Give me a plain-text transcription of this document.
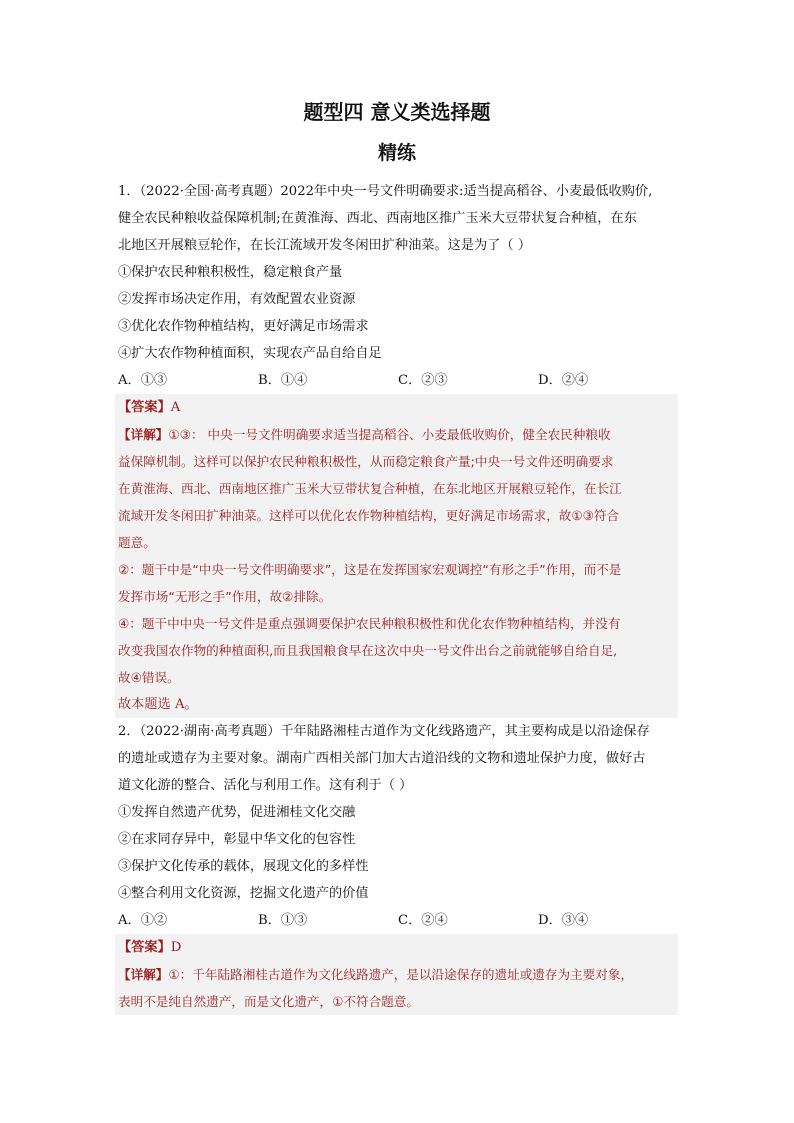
题型四 意义类选择题
精练
1．（2022·全国·高考真题）2022年中央一号文件明确要求:适当提高稻谷、小麦最低收购价,
健全农民种粮收益保障机制;在黄淮海、西北、西南地区推广玉米大豆带状复合种植，在东
北地区开展粮豆轮作，在长江流域开发冬闲田扩种油菜。这是为了（ ）
①保护农民种粮积极性，稳定粮食产量
②发挥市场决定作用，有效配置农业资源
③优化农作物种植结构，更好满足市场需求
④扩大农作物种植面积，实现农产品自给自足
A．①③	B．①④	C．②③	D．②④
【答案】A
【详解】①③： 中央一号文件明确要求适当提高稻谷、小麦最低收购价，健全农民种粮收
益保障机制。这样可以保护农民种粮积极性，从而稳定粮食产量;中央一号文件还明确要求
在黄淮海、西北、西南地区推广玉米大豆带状复合种植，在东北地区开展粮豆轮作，在长江
流域开发冬闲田扩种油菜。这样可以优化农作物种植结构，更好满足市场需求，故①③符合
题意。
②：题干中是“中央一号文件明确要求”，这是在发挥国家宏观调控“有形之手”作用，而不是
发挥市场“无形之手”作用，故②排除。
④：题干中中央一号文件是重点强调要保护农民种粮积极性和优化农作物种植结构，并没有
改变我国农作物的种植面积,而且我国粮食早在这次中央一号文件出台之前就能够自给自足,
故④错误。
故本题选 A。
2．（2022·湖南·高考真题）千年陆路湘桂古道作为文化线路遗产，其主要构成是以沿途保存
的遗址或遗存为主要对象。湖南广西相关部门加大古道沿线的文物和遗址保护力度，做好古
道文化游的整合、活化与利用工作。这有利于（ ）
①发挥自然遗产优势，促进湘桂文化交融
②在求同存异中，彰显中华文化的包容性
③保护文化传承的载体，展现文化的多样性
④整合利用文化资源，挖掘文化遗产的价值
A．①②	B．①③	C．②④	D．③④
【答案】D
【详解】①：千年陆路湘桂古道作为文化线路遗产，是以沿途保存的遗址或遗存为主要对象，
表明不是纯自然遗产，而是文化遗产，①不符合题意。
